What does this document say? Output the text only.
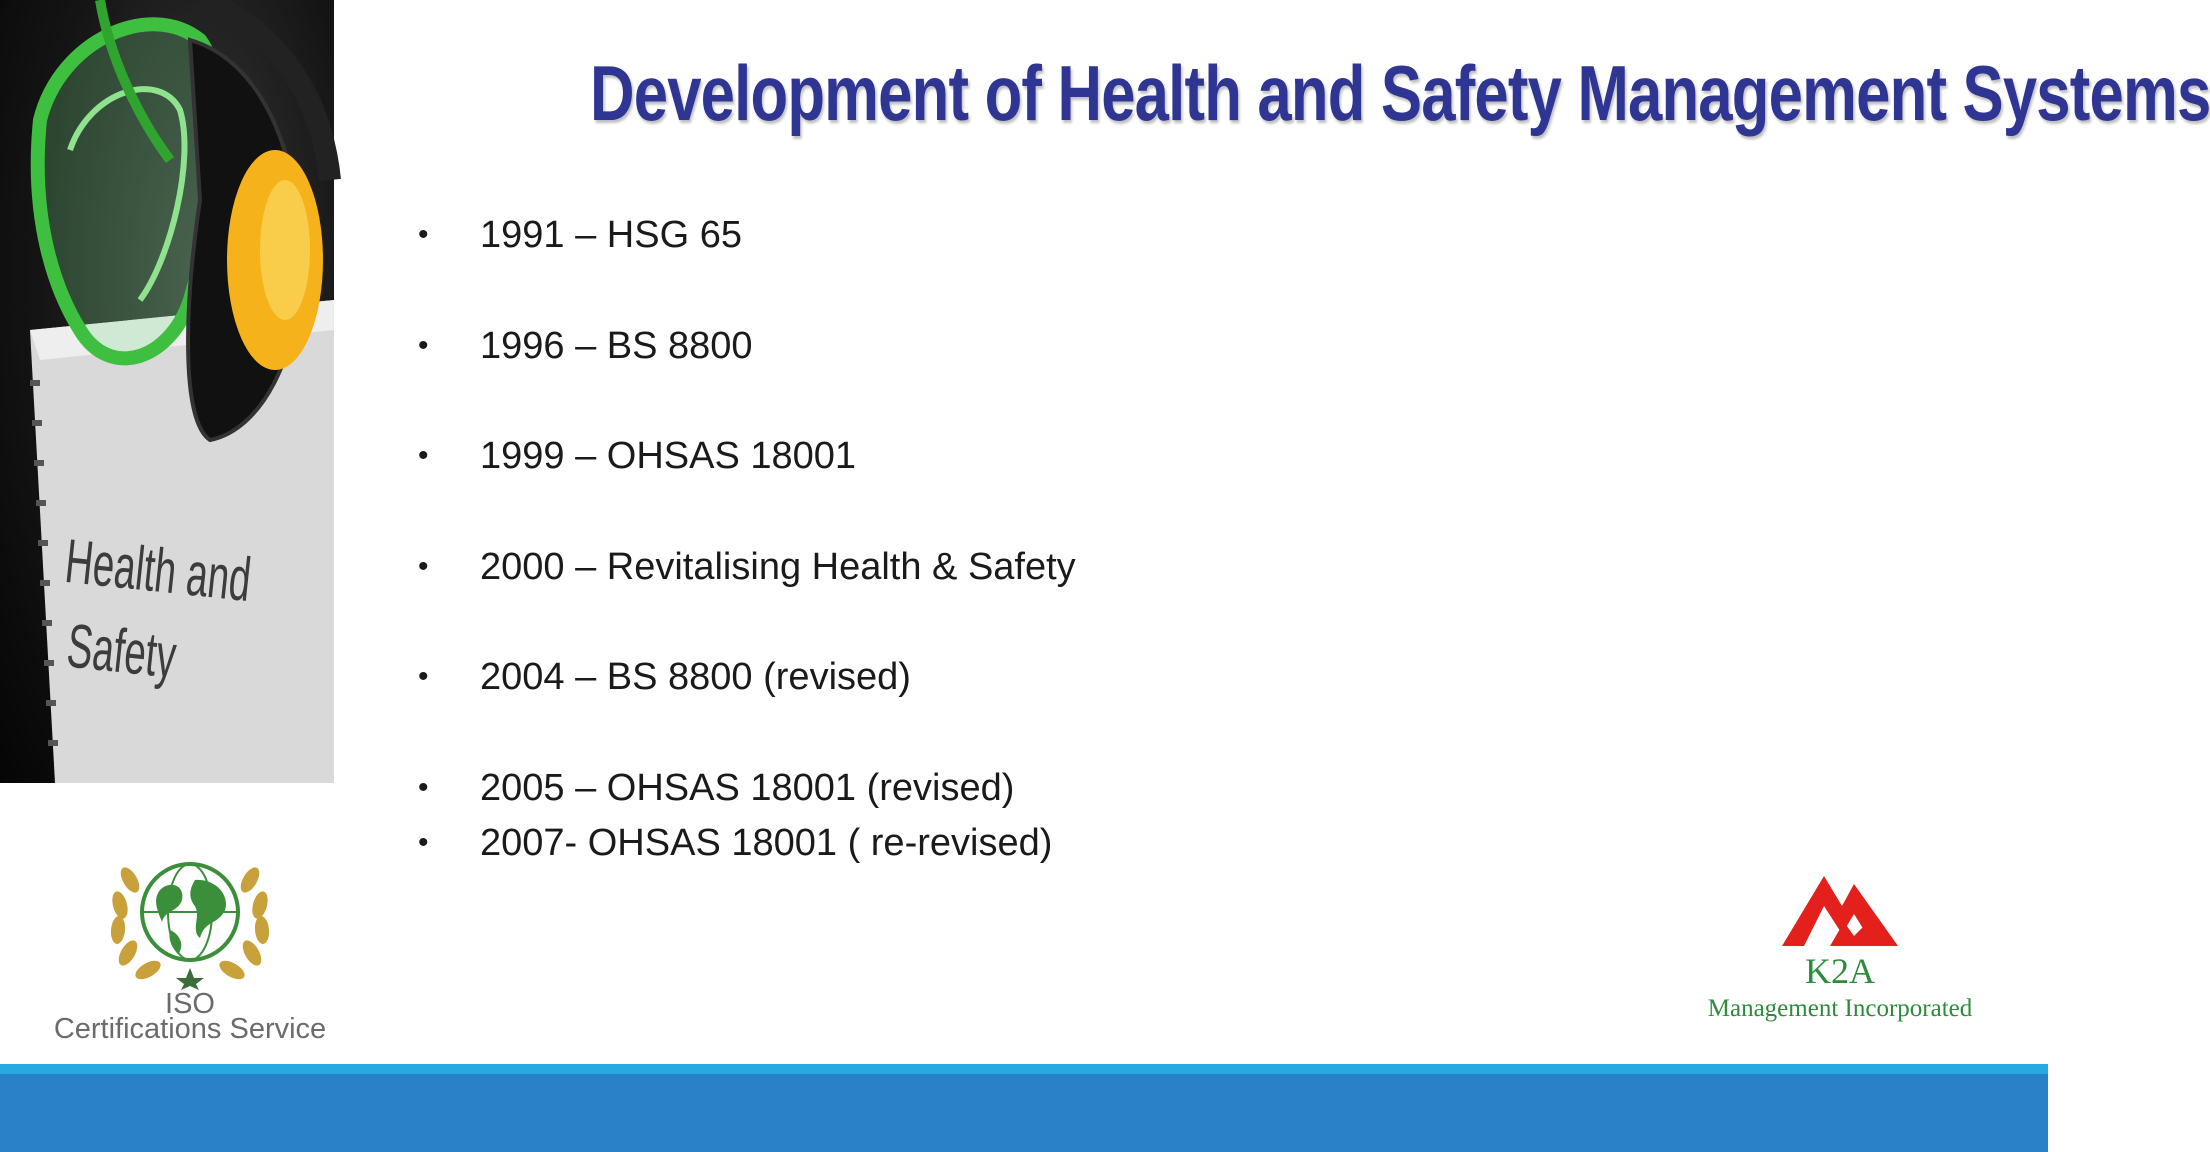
Health and
Safety
Development of Health and Safety Management Systems
• 1991 – HSG 65
• 1996 – BS 8800
• 1999 – OHSAS 18001
• 2000 – Revitalising Health & Safety
• 2004 – BS 8800 (revised)
• 2005 – OHSAS 18001 (revised)
• 2007- OHSAS 18001 ( re-revised)
ISO
Certifications Service
K2A
Management Incorporated
